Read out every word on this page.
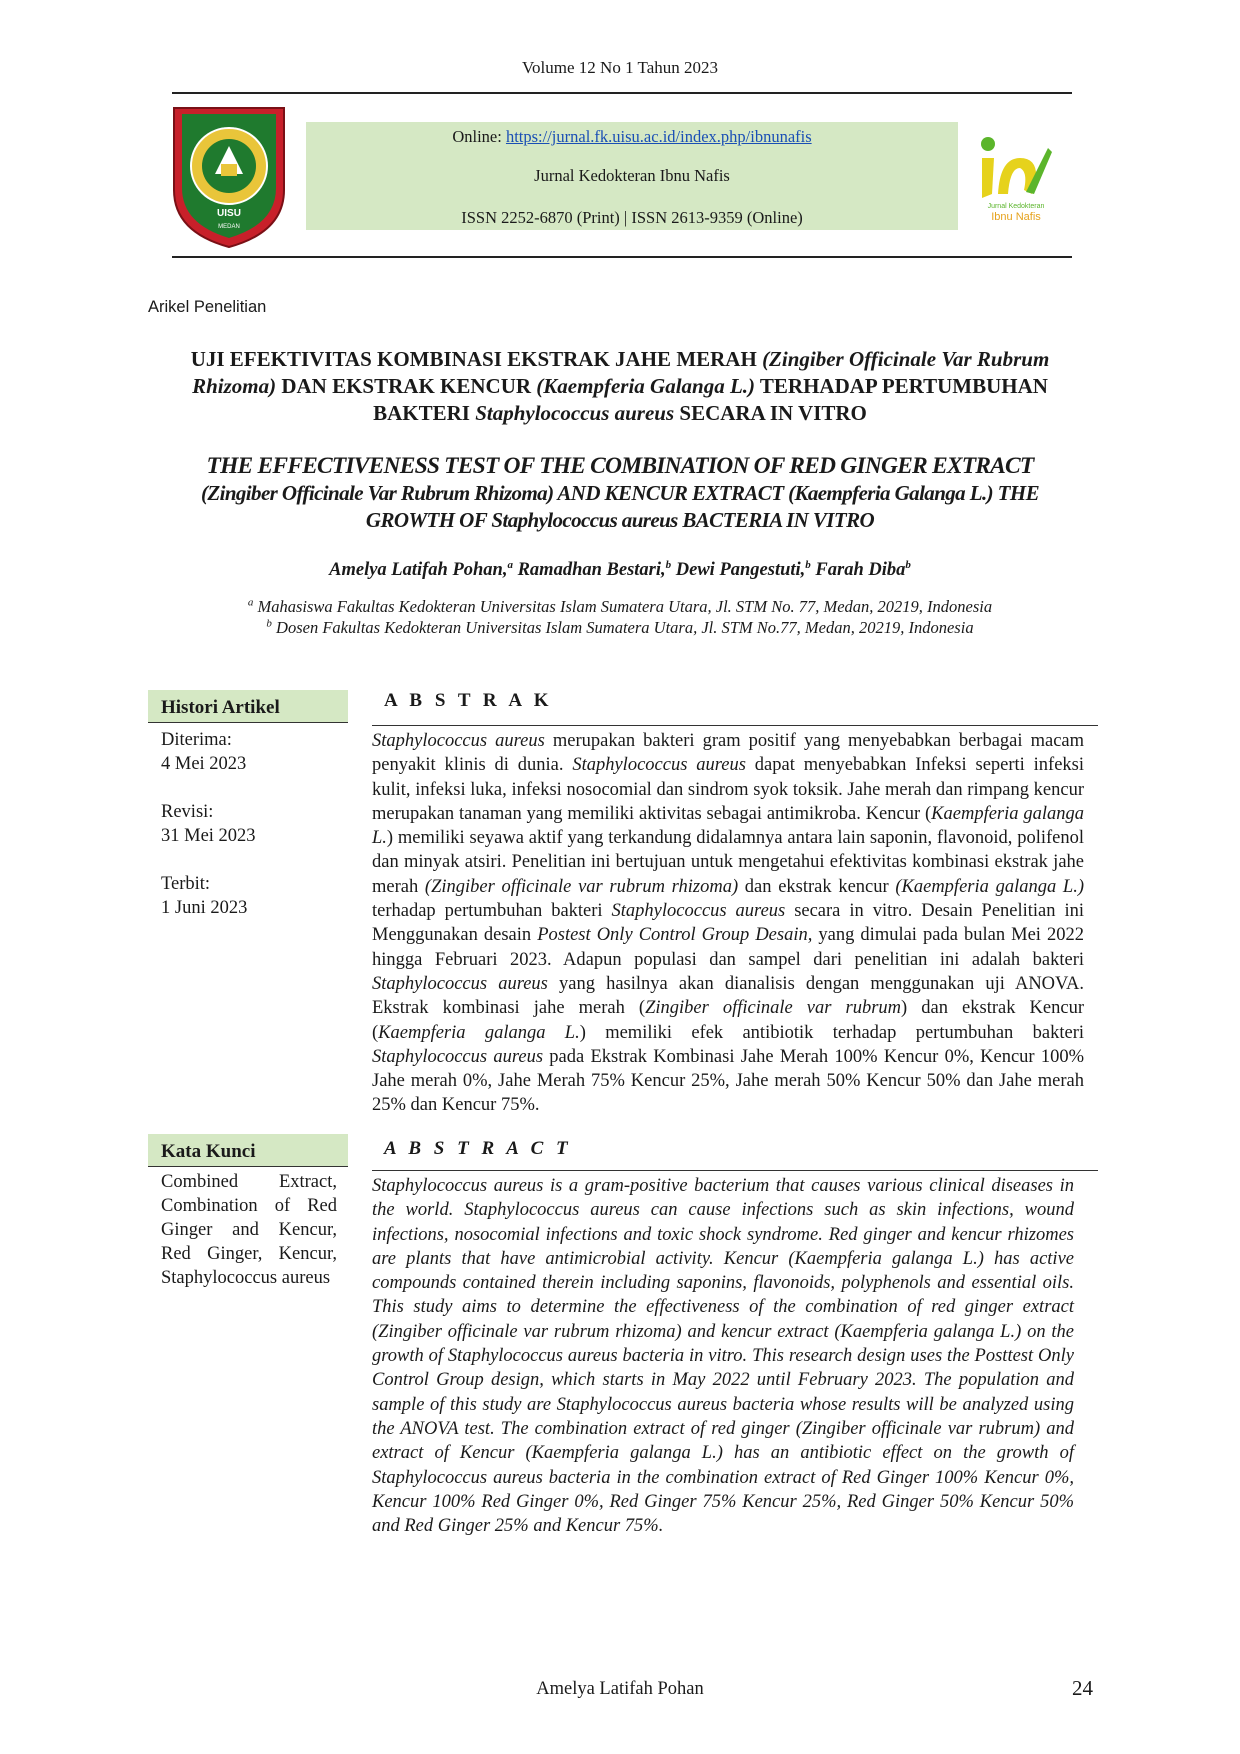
Volume 12 No 1 Tahun 2023
UISU
MEDAN
Online: https://jurnal.fk.uisu.ac.id/index.php/ibnunafis
Jurnal Kedokteran Ibnu Nafis
ISSN 2252-6870 (Print) | ISSN 2613-9359 (Online)
Jurnal Kedokteran
Ibnu Nafis
Arikel Penelitian
UJI EFEKTIVITAS KOMBINASI EKSTRAK JAHE MERAH (Zingiber Officinale Var Rubrum Rhizoma) DAN EKSTRAK KENCUR (Kaempferia Galanga L.) TERHADAP PERTUMBUHAN BAKTERI Staphylococcus aureus SECARA IN VITRO
THE EFFECTIVENESS TEST OF THE COMBINATION OF RED GINGER EXTRACT
(Zingiber Officinale Var Rubrum Rhizoma) AND KENCUR EXTRACT (Kaempferia Galanga L.) THE
GROWTH OF Staphylococcus aureus BACTERIA IN VITRO
Amelya Latifah Pohan,$^a$ Ramadhan Bestari,$^b$ Dewi Pangestuti,$^b$ Farah Diba$^b$
$^a$ Mahasiswa Fakultas Kedokteran Universitas Islam Sumatera Utara, Jl. STM No. 77, Medan, 20219, Indonesia
$^b$ Dosen Fakultas Kedokteran Universitas Islam Sumatera Utara, Jl. STM No.77, Medan, 20219, Indonesia
Histori Artikel
Diterima:
4 Mei 2023
Revisi:
31 Mei 2023
Terbit:
1 Juni 2023
Kata Kunci
Combined Extract, Combination of Red Ginger and Kencur, Red Ginger, Kencur, Staphylococcus aureus
A B S T R A K
Staphylococcus aureus merupakan bakteri gram positif yang menyebabkan berbagai macam penyakit klinis di dunia. Staphylococcus aureus dapat menyebabkan Infeksi seperti infeksi kulit, infeksi luka, infeksi nosocomial dan sindrom syok toksik. Jahe merah dan rimpang kencur merupakan tanaman yang memiliki aktivitas sebagai antimikroba. Kencur (Kaempferia galanga L.) memiliki seyawa aktif yang terkandung didalamnya antara lain saponin, flavonoid, polifenol dan minyak atsiri. Penelitian ini bertujuan untuk mengetahui efektivitas kombinasi ekstrak jahe merah (Zingiber officinale var rubrum rhizoma) dan ekstrak kencur (Kaempferia galanga L.) terhadap pertumbuhan bakteri Staphylococcus aureus secara in vitro. Desain Penelitian ini Menggunakan desain Postest Only Control Group Desain, yang dimulai pada bulan Mei 2022 hingga Februari 2023. Adapun populasi dan sampel dari penelitian ini adalah bakteri Staphylococcus aureus yang hasilnya akan dianalisis dengan menggunakan uji ANOVA. Ekstrak kombinasi jahe merah (Zingiber officinale var rubrum) dan ekstrak Kencur (Kaempferia galanga L.) memiliki efek antibiotik terhadap pertumbuhan bakteri Staphylococcus aureus pada Ekstrak Kombinasi Jahe Merah 100% Kencur 0%, Kencur 100% Jahe merah 0%, Jahe Merah 75% Kencur 25%, Jahe merah 50% Kencur 50% dan Jahe merah 25% dan Kencur 75%.
A B S T R A C T
Staphylococcus aureus is a gram-positive bacterium that causes various clinical diseases in the world. Staphylococcus aureus can cause infections such as skin infections, wound infections, nosocomial infections and toxic shock syndrome. Red ginger and kencur rhizomes are plants that have antimicrobial activity. Kencur (Kaempferia galanga L.) has active compounds contained therein including saponins, flavonoids, polyphenols and essential oils. This study aims to determine the effectiveness of the combination of red ginger extract (Zingiber officinale var rubrum rhizoma) and kencur extract (Kaempferia galanga L.) on the growth of Staphylococcus aureus bacteria in vitro. This research design uses the Posttest Only Control Group design, which starts in May 2022 until February 2023. The population and sample of this study are Staphylococcus aureus bacteria whose results will be analyzed using the ANOVA test. The combination extract of red ginger (Zingiber officinale var rubrum) and extract of Kencur (Kaempferia galanga L.) has an antibiotic effect on the growth of Staphylococcus aureus bacteria in the combination extract of Red Ginger 100% Kencur 0%, Kencur 100% Red Ginger 0%, Red Ginger 75% Kencur 25%, Red Ginger 50% Kencur 50% and Red Ginger 25% and Kencur 75%.
Amelya Latifah Pohan	24
